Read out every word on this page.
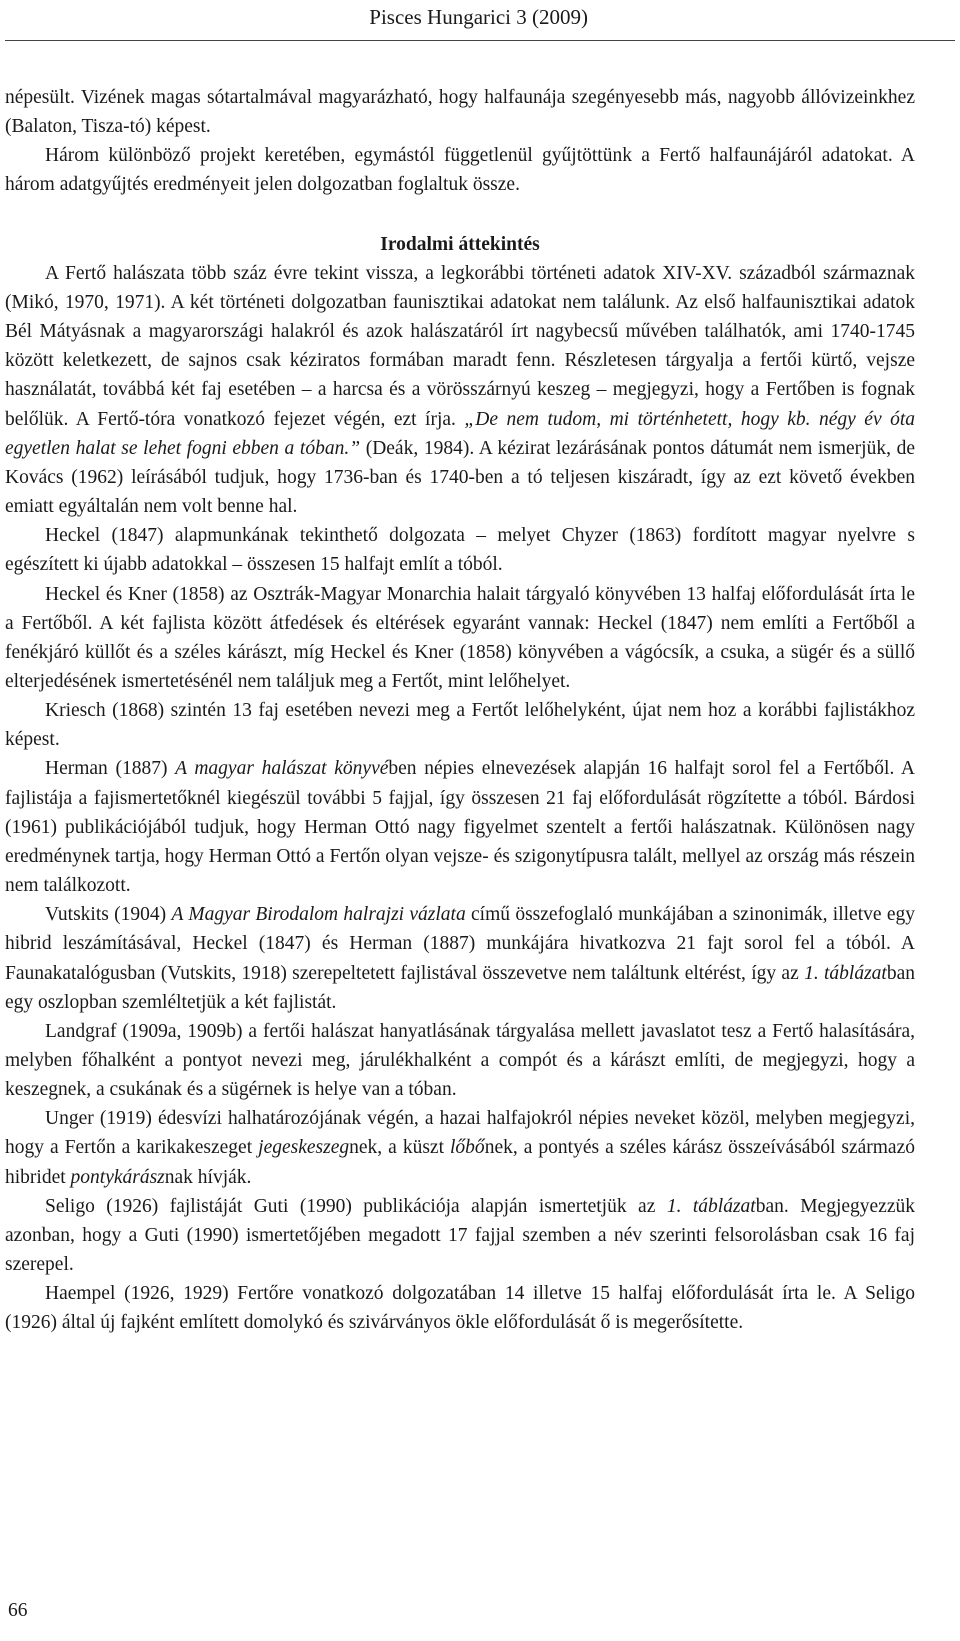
Pisces Hungarici 3 (2009)

népesült. Vizének magas sótartalmával magyarázható, hogy halfaunája szegényesebb más, nagyobb állóvizeinkhez (Balaton, Tisza-tó) képest.

Három különböző projekt keretében, egymástól függetlenül gyűjtöttünk a Fertő halfaunájáról adatokat. A három adatgyűjtés eredményeit jelen dolgozatban foglaltuk össze.

Irodalmi áttekintés

A Fertő halászata több száz évre tekint vissza, a legkorábbi történeti adatok XIV-XV. századból származnak (Mikó, 1970, 1971). A két történeti dolgozatban faunisztikai adatokat nem találunk. Az első halfaunisztikai adatok Bél Mátyásnak a magyarországi halakról és azok halászatáról írt nagybecsű művében találhatók, ami 1740-1745 között keletkezett, de sajnos csak kéziratos formában maradt fenn. Részletesen tárgyalja a fertői kürtő, vejsze használatát, továbbá két faj esetében – a harcsa és a vörösszárnyú keszeg – megjegyzi, hogy a Fertőben is fognak belőlük. A Fertő-tóra vonatkozó fejezet végén, ezt írja. „De nem tudom, mi történhetett, hogy kb. négy év óta egyetlen halat se lehet fogni ebben a tóban.” (Deák, 1984). A kézirat lezárásának pontos dátumát nem ismerjük, de Kovács (1962) leírásából tudjuk, hogy 1736-ban és 1740-ben a tó teljesen kiszáradt, így az ezt követő években emiatt egyáltalán nem volt benne hal.

Heckel (1847) alapmunkának tekinthető dolgozata – melyet Chyzer (1863) fordított magyar nyelvre s egészített ki újabb adatokkal – összesen 15 halfajt említ a tóból.

Heckel és Kner (1858) az Osztrák-Magyar Monarchia halait tárgyaló könyvében 13 halfaj előfordulását írta le a Fertőből. A két fajlista között átfedések és eltérések egyaránt vannak: Heckel (1847) nem említi a Fertőből a fenékjáró küllőt és a széles kárászt, míg Heckel és Kner (1858) könyvében a vágócsík, a csuka, a sügér és a süllő elterjedésének ismertetésénél nem találjuk meg a Fertőt, mint lelőhelyet.

Kriesch (1868) szintén 13 faj esetében nevezi meg a Fertőt lelőhelyként, újat nem hoz a korábbi fajlistákhoz képest.

Herman (1887) A magyar halászat könyvében népies elnevezések alapján 16 halfajt sorol fel a Fertőből. A fajlistája a fajismertetőknél kiegészül további 5 fajjal, így összesen 21 faj előfordulását rögzítette a tóból. Bárdosi (1961) publikációjából tudjuk, hogy Herman Ottó nagy figyelmet szentelt a fertői halászatnak. Különösen nagy eredménynek tartja, hogy Herman Ottó a Fertőn olyan vejsze- és szigonytípusra talált, mellyel az ország más részein nem találkozott.

Vutskits (1904) A Magyar Birodalom halrajzi vázlata című összefoglaló munkájában a szinonimák, illetve egy hibrid leszámításával, Heckel (1847) és Herman (1887) munkájára hivatkozva 21 fajt sorol fel a tóból. A Faunakatalógusban (Vutskits, 1918) szerepeltetett fajlistával összevetve nem találtunk eltérést, így az 1. táblázatban egy oszlopban szemléltetjük a két fajlistát.

Landgraf (1909a, 1909b) a fertői halászat hanyatlásának tárgyalása mellett javaslatot tesz a Fertő halasítására, melyben főhalként a pontyot nevezi meg, járulékhalként a compót és a kárászt említi, de megjegyzi, hogy a keszegnek, a csukának és a sügérnek is helye van a tóban.

Unger (1919) édesvízi halhatározójának végén, a hazai halfajokról népies neveket közöl, melyben megjegyzi, hogy a Fertőn a karikakeszeget jegeskeszegnek, a küszt lőbőnek, a pontyés a széles kárász összeívásából származó hibridet pontykárásznak hívják.

Seligo (1926) fajlistáját Guti (1990) publikációja alapján ismertetjük az 1. táblázatban. Megjegyezzük azonban, hogy a Guti (1990) ismertetőjében megadott 17 fajjal szemben a név szerinti felsorolásban csak 16 faj szerepel.

Haempel (1926, 1929) Fertőre vonatkozó dolgozatában 14 illetve 15 halfaj előfordulását írta le. A Seligo (1926) által új fajként említett domolykó és szivárványos ökle előfordulását ő is megerősítette.

66
